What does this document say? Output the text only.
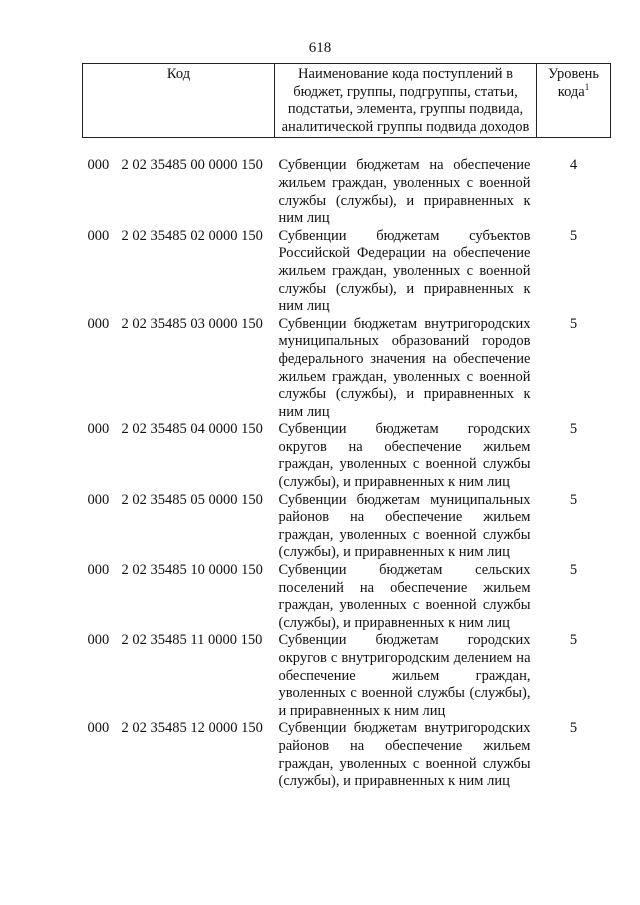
618
Код	Наименование кода поступлений в бюджет, группы, подгруппы, статьи, подстатьи, элемента, группы подвида, аналитической группы подвида доходов	Уровень кода$^1$

000 2 02 35485 00 0000 150	Субвенции бюджетам на обеспечение жильем граждан, уволенных с военной службы (службы), и приравненных к ним лиц	4
000 2 02 35485 02 0000 150	Субвенции бюджетам субъектов Российской Федерации на обеспечение жильем граждан, уволенных с военной службы (службы), и приравненных к ним лиц	5
000 2 02 35485 03 0000 150	Субвенции бюджетам внутригородских муниципальных образований городов федерального значения на обеспечение жильем граждан, уволенных с военной службы (службы), и приравненных к ним лиц	5
000 2 02 35485 04 0000 150	Субвенции бюджетам городских округов на обеспечение жильем граждан, уволенных с военной службы (службы), и приравненных к ним лиц	5
000 2 02 35485 05 0000 150	Субвенции бюджетам муниципальных районов на обеспечение жильем граждан, уволенных с военной службы (службы), и приравненных к ним лиц	5
000 2 02 35485 10 0000 150	Субвенции бюджетам сельских поселений на обеспечение жильем граждан, уволенных с военной службы (службы), и приравненных к ним лиц	5
000 2 02 35485 11 0000 150	Субвенции бюджетам городских округов с внутригородским делением на обеспечение жильем граждан, уволенных с военной службы (службы), и приравненных к ним лиц	5
000 2 02 35485 12 0000 150	Субвенции бюджетам внутригородских районов на обеспечение жильем граждан, уволенных с военной службы (службы), и приравненных к ним лиц	5
